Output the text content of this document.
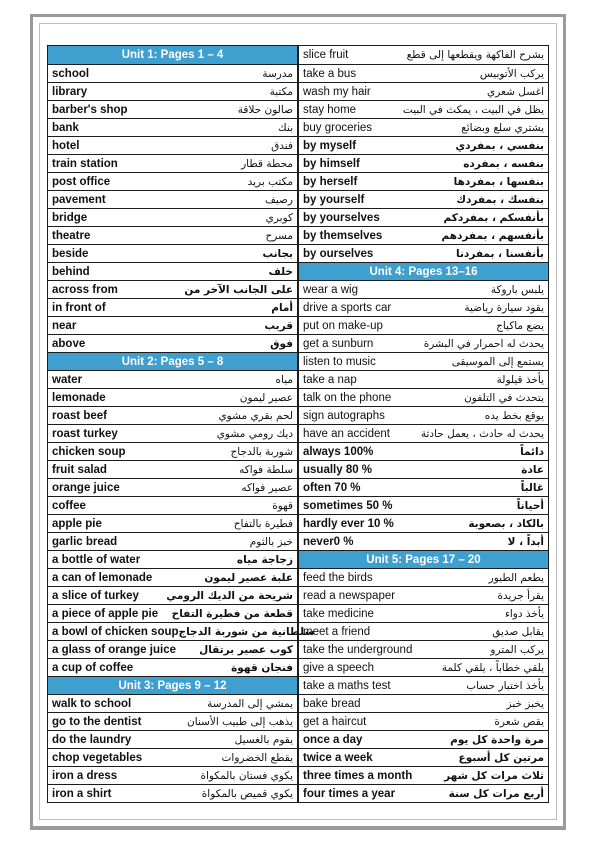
Unit 1: Pages 1 – 4
school	مدرسة
library	مكتبة
barber's shop	صالون حلاقة
bank	بنك
hotel	فندق
train station	محطة قطار
post office	مكتب بريد
pavement	رصيف
bridge	كوبري
theatre	مسرح
beside	بجانب
behind	خلف
across from	على الجانب الآخر من
in front of	أمام
near	قريب
above	فوق
Unit 2: Pages 5 – 8
water	مياه
lemonade	عصير ليمون
roast beef	لحم بقري مشوي
roast turkey	ديك رومي مشوي
chicken soup	شوربة بالدجاج
fruit salad	سلطة فواكه
orange juice	عصير فواكه
coffee	قهوة
apple pie	فطيرة بالتفاح
garlic bread	خبز بالثوم
a bottle of water	زجاجة مياه
a can of lemonade	علبة عصير ليمون
a slice of turkey	شريحة من الديك الرومي
a piece of apple pie قطعة من فطيرة التفاح
a bowl of chicken soup سلطانية من شوربة الدجاج
a glass of orange juice كوب عصير برتقال
a cup of coffee	فنجان قهوة
Unit 3: Pages 9 – 12
walk to school	يمشي إلى المدرسة
go to the dentist	يذهب إلى طبيب الأسنان
do the laundry	يقوم بالغسيل
chop vegetables	يقطع الخضروات
iron a dress	يكوي فستان بالمكواة
iron a shirt	يكوي قميص بالمكواة
slice fruit	يشرح الفاكهة ويقطعها إلى قطع
take a bus	يركب الأتوبيس
wash my hair	اغسل شعري
stay home	يظل في البيت ، يمكث في البيت
buy groceries	يشتري سلع وبضائع
by myself	بنفسي ، بمفردي
by himself	بنفسه ، بمفرده
by herself	بنفسها ، بمفردها
by yourself	بنفسك ، بمفردك
by yourselves	بأنفسكم ، بمفردكم
by themselves	بأنفسهم ، بمفردهم
by ourselves	بأنفسنا ، بمفردنا
Unit 4: Pages 13–16
wear a wig	يلبس باروكة
drive a sports car	يقود سيارة رياضية
put on make-up	يضع ماكياج
get a sunburn	يحدث له احمرار في البشرة
listen to music	يستمع إلى الموسيقى
take a nap	يأخذ قيلولة
talk on the phone	يتحدث في التلفون
sign autographs	يوقع بخط يده
have an accident	يحدث له حادث ، يعمل حادثة
always 100%	دائماً
usually 80 %	عادة
often 70 %	غالباً
sometimes 50 %	أحياناً
hardly ever 10 %	بالكاد ، بصعوبة
never0 %	أبداً ، لا
Unit 5: Pages 17 – 20
feed the birds	يطعم الطيور
read a newspaper	يقرأ جريدة
take medicine	يأخذ دواء
meet a friend	يقابل صديق
take the underground	يركب المترو
give a speech	يلقي خطاباً ، يلقي كلمة
take a maths test	يأخذ اختبار حساب
bake bread	يخبز خبز
get a haircut	يقص شعرة
once a day	مرة واحدة كل يوم
twice a week	مرتين كل أسبوع
three times a month	ثلاث مرات كل شهر
four times a year	أربع مرات كل سنة
